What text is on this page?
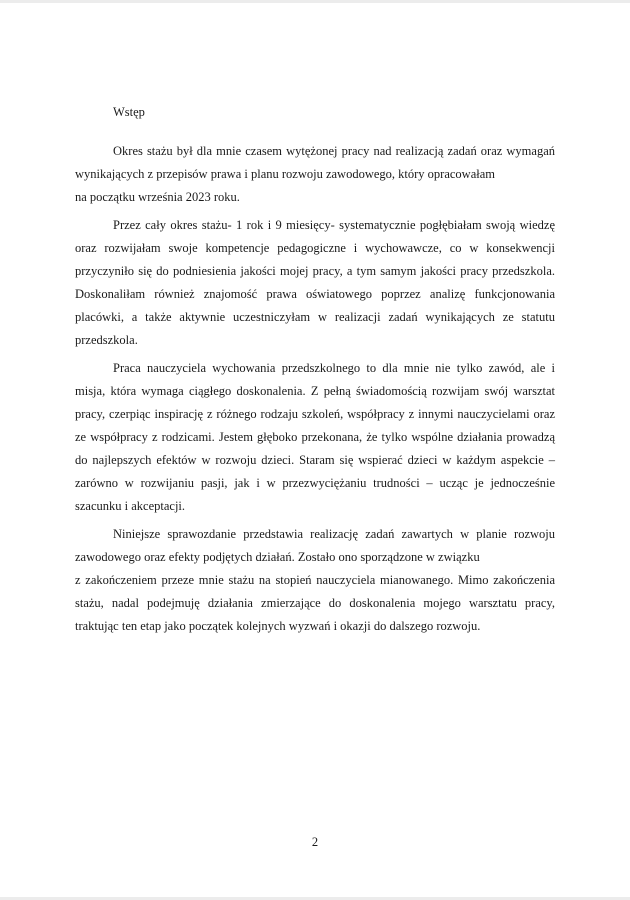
Wstęp

Okres stażu był dla mnie czasem wytężonej pracy nad realizacją zadań oraz wymagań
wynikających z przepisów prawa i planu rozwoju zawodowego, który opracowałam
na początku września 2023 roku.

Przez cały okres stażu- 1 rok i 9 miesięcy- systematycznie pogłębiałam swoją wiedzę
oraz rozwijałam swoje kompetencje pedagogiczne i wychowawcze, co w konsekwencji
przyczyniło się do podniesienia jakości mojej pracy, a tym samym jakości pracy przedszkola.
Doskonaliłam również znajomość prawa oświatowego poprzez analizę funkcjonowania
placówki, a także aktywnie uczestniczyłam w realizacji zadań wynikających ze statutu
przedszkola.

Praca nauczyciela wychowania przedszkolnego to dla mnie nie tylko zawód, ale i
misja, która wymaga ciągłego doskonalenia. Z pełną świadomością rozwijam swój warsztat
pracy, czerpiąc inspirację z różnego rodzaju szkoleń, współpracy z innymi nauczycielami oraz
ze współpracy z rodzicami. Jestem głęboko przekonana, że tylko wspólne działania prowadzą
do najlepszych efektów w rozwoju dzieci. Staram się wspierać dzieci w każdym aspekcie –
zarówno w rozwijaniu pasji, jak i w przezwyciężaniu trudności – ucząc je jednocześnie
szacunku i akceptacji.

Niniejsze sprawozdanie przedstawia realizację zadań zawartych w planie rozwoju
zawodowego oraz efekty podjętych działań. Zostało ono sporządzone w związku
z zakończeniem przeze mnie stażu na stopień nauczyciela mianowanego. Mimo zakończenia
stażu, nadal podejmuję działania zmierzające do doskonalenia mojego warsztatu pracy,
traktując ten etap jako początek kolejnych wyzwań i okazji do dalszego rozwoju.

2
